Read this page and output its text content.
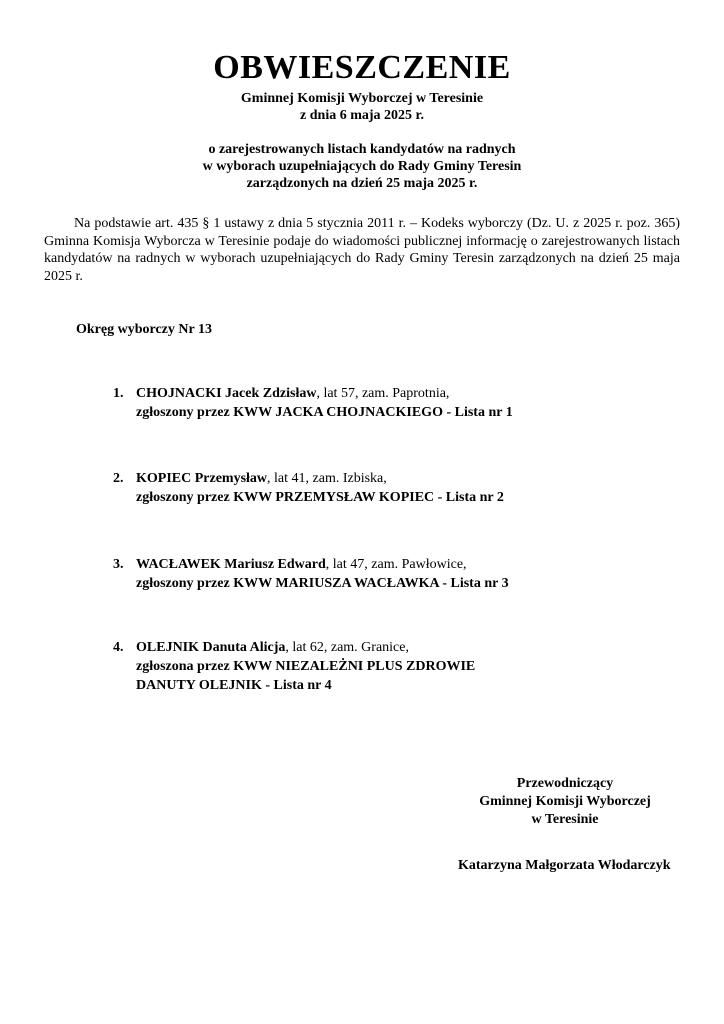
OBWIESZCZENIE
Gminnej Komisji Wyborczej w Teresinie
z dnia 6 maja 2025 r.
o zarejestrowanych listach kandydatów na radnych
w wyborach uzupełniających do Rady Gminy Teresin
zarządzonych na dzień 25 maja 2025 r.
Na podstawie art. 435 § 1 ustawy z dnia 5 stycznia 2011 r. – Kodeks wyborczy (Dz. U. z 2025 r. poz. 365) Gminna Komisja Wyborcza w Teresinie podaje do wiadomości publicznej informację o zarejestrowanych listach kandydatów na radnych w wyborach uzupełniających do Rady Gminy Teresin zarządzonych na dzień 25 maja 2025 r.
Okręg wyborczy Nr 13
1. CHOJNACKI Jacek Zdzisław, lat 57, zam. Paprotnia,
zgłoszony przez KWW JACKA CHOJNACKIEGO - Lista nr 1
2. KOPIEC Przemysław, lat 41, zam. Izbiska,
zgłoszony przez KWW PRZEMYSŁAW KOPIEC - Lista nr 2
3. WACŁAWEK Mariusz Edward, lat 47, zam. Pawłowice,
zgłoszony przez KWW MARIUSZA WACŁAWKA - Lista nr 3
4. OLEJNIK Danuta Alicja, lat 62, zam. Granice,
zgłoszona przez KWW NIEZALEŻNI PLUS ZDROWIE
DANUTY OLEJNIK - Lista nr 4
Przewodniczący
Gminnej Komisji Wyborczej
w Teresinie
Katarzyna Małgorzata Włodarczyk
